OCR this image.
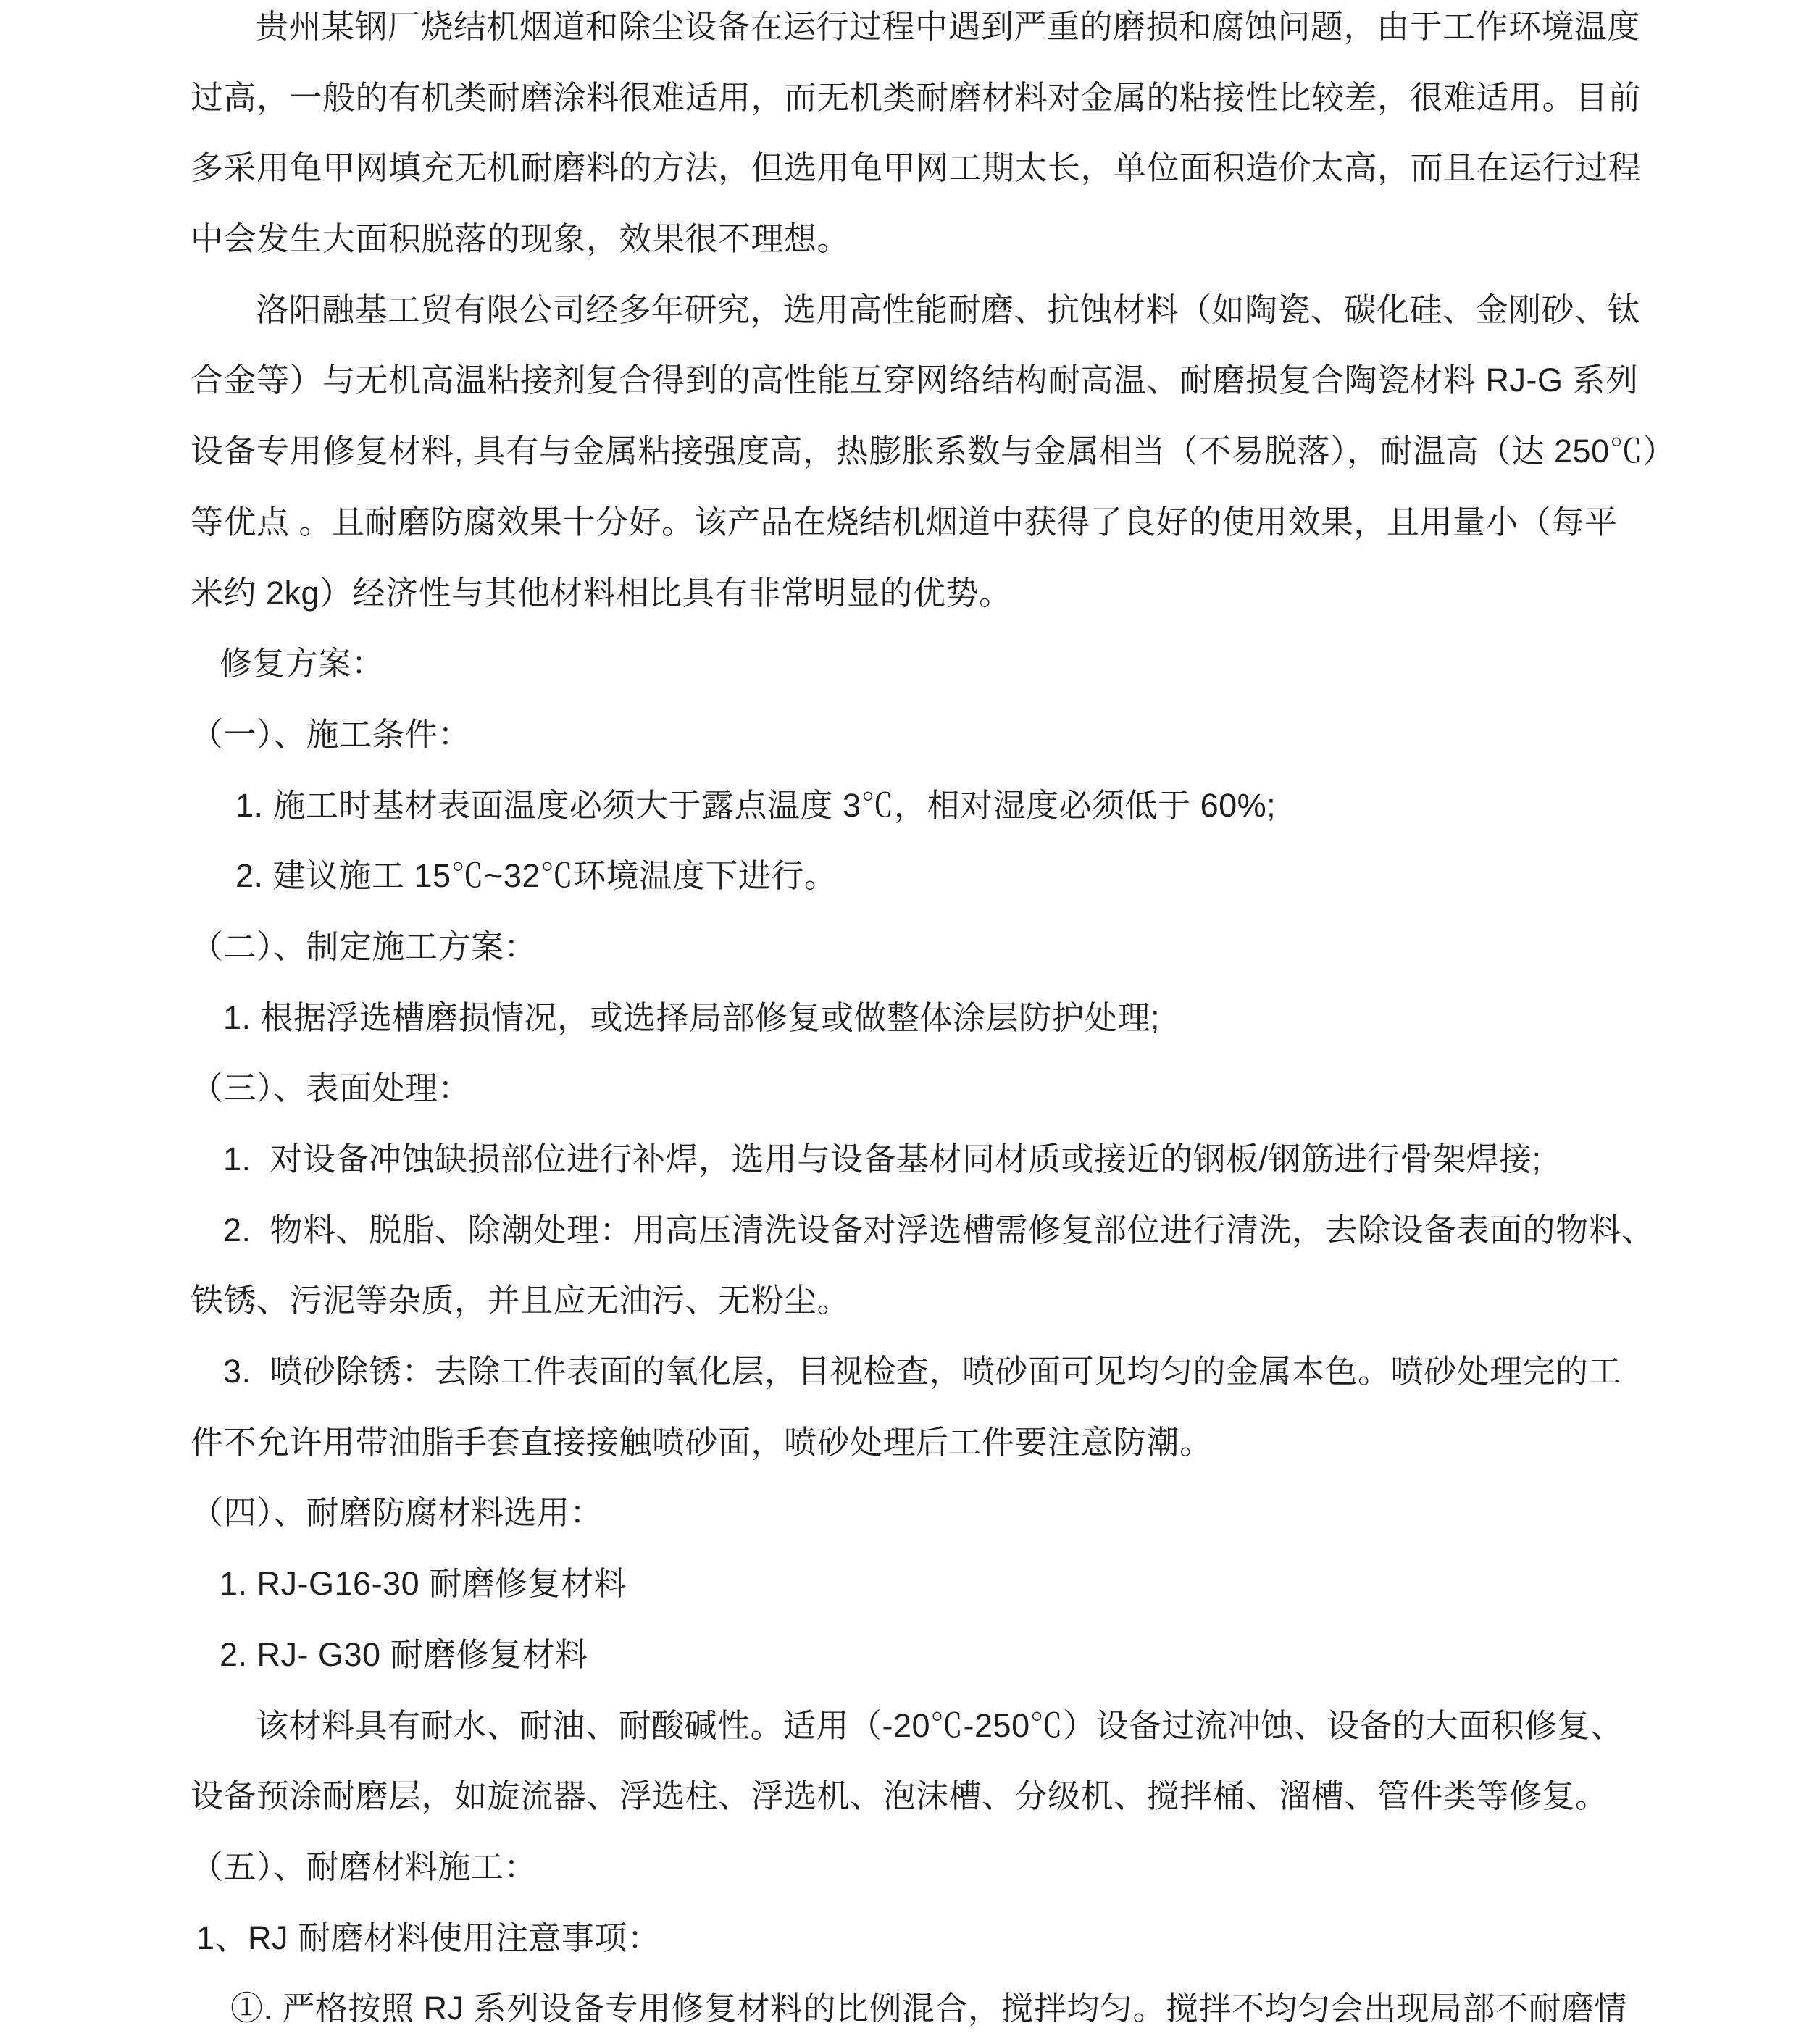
贵州某钢厂烧结机烟道和除尘设备在运行过程中遇到严重的磨损和腐蚀问题，由于工作环境温度
过高，一般的有机类耐磨涂料很难适用，而无机类耐磨材料对金属的粘接性比较差，很难适用。目前
多采用龟甲网填充无机耐磨料的方法，但选用龟甲网工期太长，单位面积造价太高，而且在运行过程
中会发生大面积脱落的现象，效果很不理想。
洛阳融基工贸有限公司经多年研究，选用高性能耐磨、抗蚀材料（如陶瓷、碳化硅、金刚砂、钛
合金等）与无机高温粘接剂复合得到的高性能互穿网络结构耐高温、耐磨损复合陶瓷材料 RJ-G 系列
设备专用修复材料, 具有与金属粘接强度高，热膨胀系数与金属相当（不易脱落），耐温高（达 250℃）
等优点 。且耐磨防腐效果十分好。该产品在烧结机烟道中获得了良好的使用效果，且用量小（每平
米约 2kg）经济性与其他材料相比具有非常明显的优势。
修复方案：
（一）、施工条件：
1. 施工时基材表面温度必须大于露点温度 3℃，相对湿度必须低于 60%;
2. 建议施工 15℃~32℃环境温度下进行。
（二）、制定施工方案：
1. 根据浮选槽磨损情况，或选择局部修复或做整体涂层防护处理;
（三）、表面处理：
1.  对设备冲蚀缺损部位进行补焊，选用与设备基材同材质或接近的钢板/钢筋进行骨架焊接;
2.  物料、脱脂、除潮处理：用高压清洗设备对浮选槽需修复部位进行清洗，去除设备表面的物料、
铁锈、污泥等杂质，并且应无油污、无粉尘。
3.  喷砂除锈：去除工件表面的氧化层，目视检查，喷砂面可见均匀的金属本色。喷砂处理完的工
件不允许用带油脂手套直接接触喷砂面，喷砂处理后工件要注意防潮。
（四）、耐磨防腐材料选用：
1. RJ-G16-30 耐磨修复材料
2. RJ- G30 耐磨修复材料
该材料具有耐水、耐油、耐酸碱性。适用（-20℃-250℃）设备过流冲蚀、设备的大面积修复、
设备预涂耐磨层，如旋流器、浮选柱、浮选机、泡沫槽、分级机、搅拌桶、溜槽、管件类等修复。
（五）、耐磨材料施工：
1、RJ 耐磨材料使用注意事项：
①. 严格按照 RJ 系列设备专用修复材料的比例混合，搅拌均匀。搅拌不均匀会出现局部不耐磨情
